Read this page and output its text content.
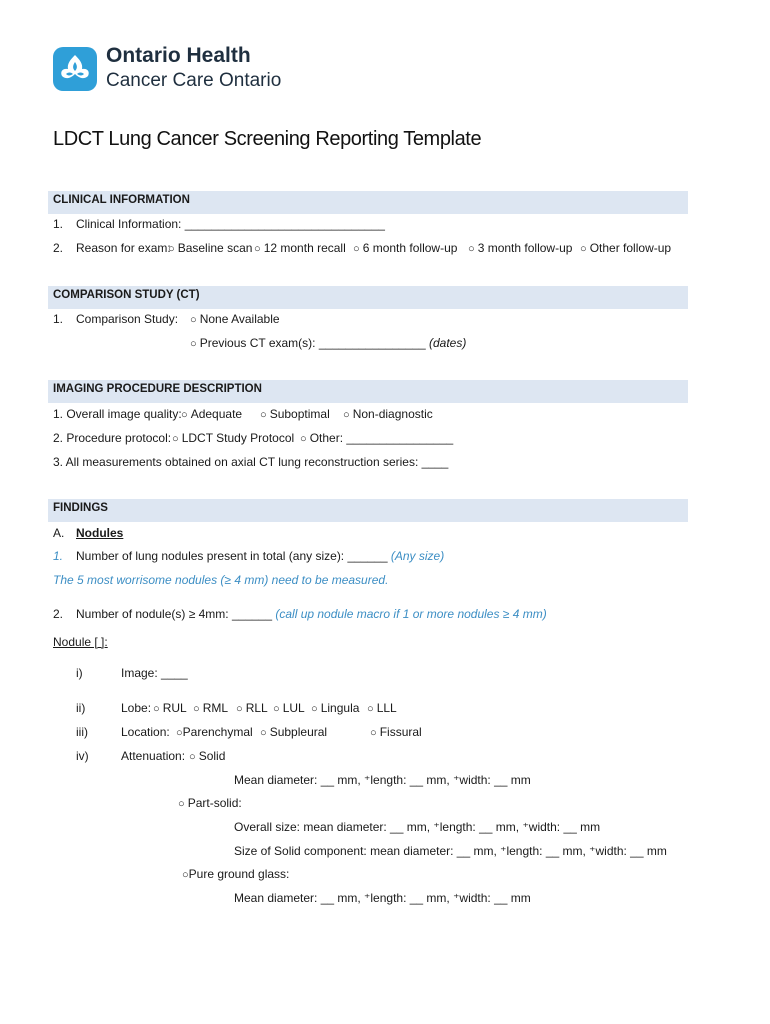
Ontario Health
Cancer Care Ontario
LDCT Lung Cancer Screening Reporting Template
CLINICAL INFORMATION
1. Clinical Information: ______________________________
2. Reason for exam:
○ Baseline scan ○ 12 month recall ○ 6 month follow-up ○ 3 month follow-up ○ Other follow-up
COMPARISON STUDY (CT)
1. Comparison Study: ○ None Available
○ Previous CT exam(s): ________________ (dates)
IMAGING PROCEDURE DESCRIPTION
1. Overall image quality: ○ Adequate ○ Suboptimal ○ Non-diagnostic
2. Procedure protocol: ○ LDCT Study Protocol ○ Other: ________________
3. All measurements obtained on axial CT lung reconstruction series: ____
FINDINGS
A. Nodules
1. Number of lung nodules present in total (any size): ______ (Any size)
The 5 most worrisome nodules (≥ 4 mm) need to be measured.
2. Number of nodule(s) ≥ 4mm: ______ (call up nodule macro if 1 or more nodules ≥ 4 mm)
Nodule [ ]:
i)	Image: ____
ii)	Lobe: ○ RUL ○ RML ○ RLL ○ LUL ○ Lingula ○ LLL
iii)	Location: ○Parenchymal ○ Subpleural	○ Fissural
iv)	Attenuation: ○ Solid
Mean diameter: __ mm, ⁺length: __ mm, ⁺width: __ mm
○ Part-solid:
Overall size: mean diameter: __ mm, ⁺length: __ mm, ⁺width: __ mm
Size of Solid component: mean diameter: __ mm, ⁺length: __ mm, ⁺width: __ mm
○Pure ground glass:
Mean diameter: __ mm, ⁺length: __ mm, ⁺width: __ mm
